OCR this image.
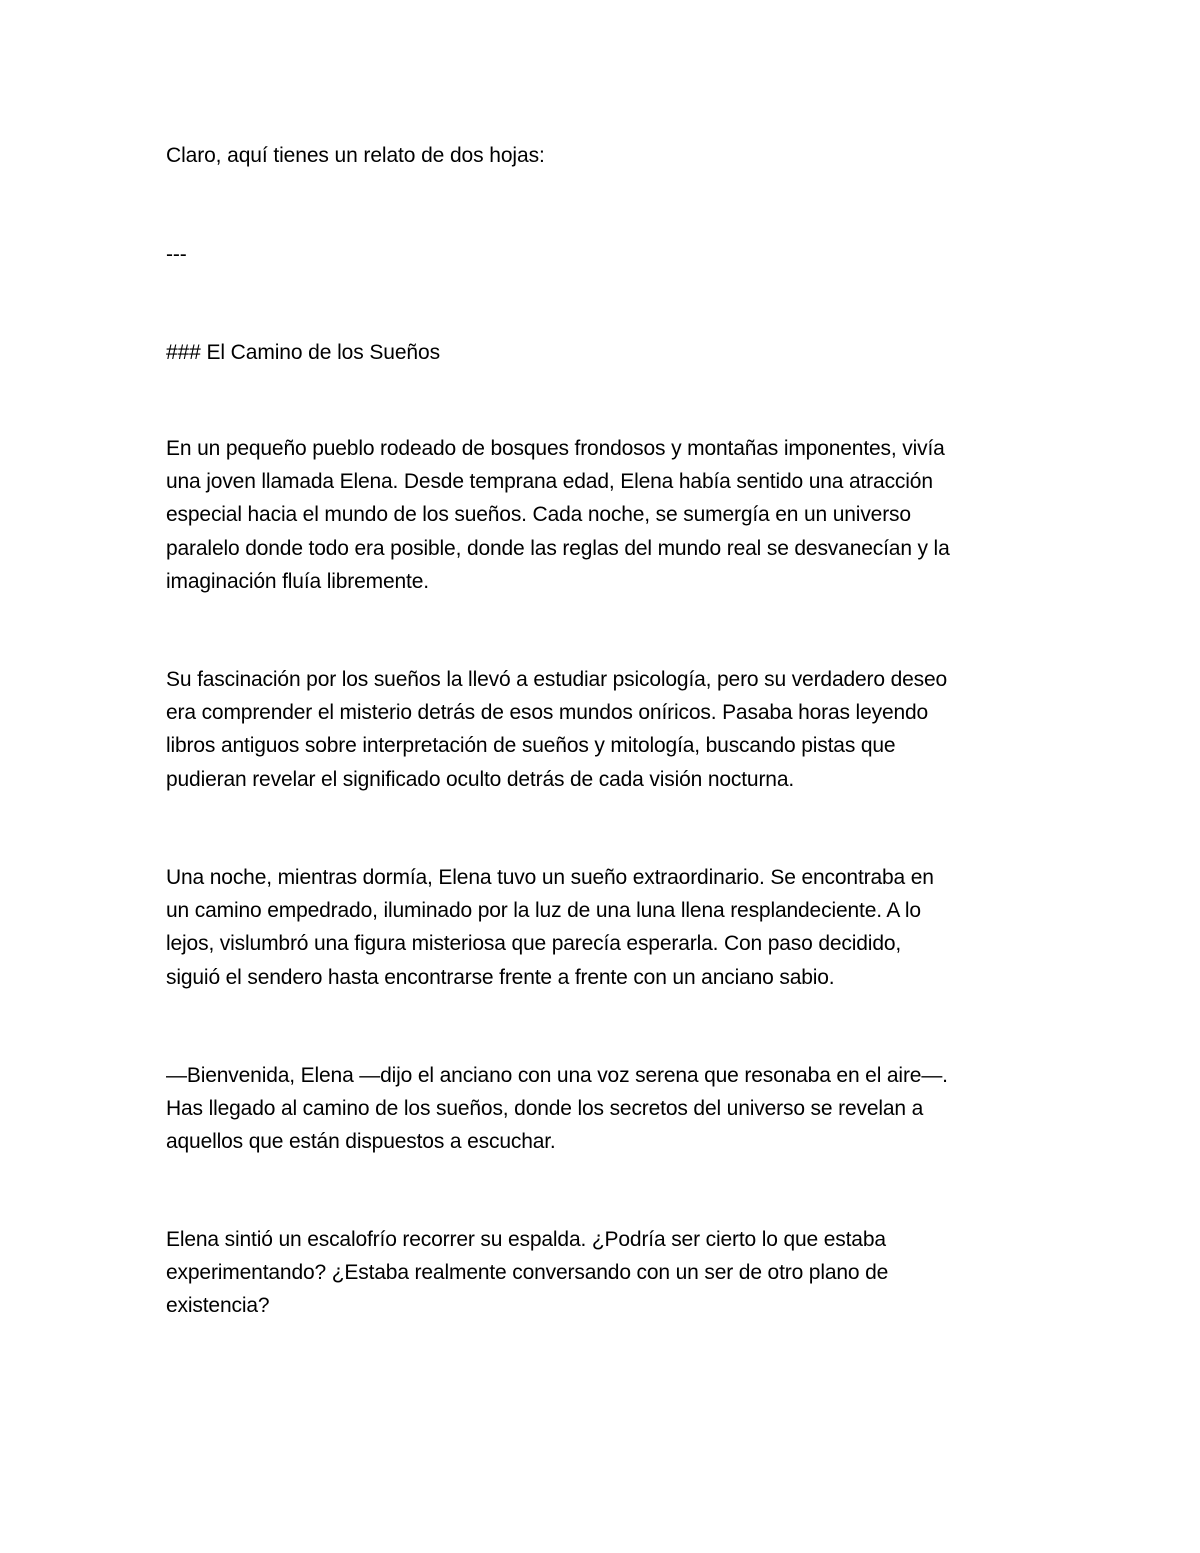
Claro, aquí tienes un relato de dos hojas:
---
### El Camino de los Sueños
En un pequeño pueblo rodeado de bosques frondosos y montañas imponentes, vivía
una joven llamada Elena. Desde temprana edad, Elena había sentido una atracción
especial hacia el mundo de los sueños. Cada noche, se sumergía en un universo
paralelo donde todo era posible, donde las reglas del mundo real se desvanecían y la
imaginación fluía libremente.
Su fascinación por los sueños la llevó a estudiar psicología, pero su verdadero deseo
era comprender el misterio detrás de esos mundos oníricos. Pasaba horas leyendo
libros antiguos sobre interpretación de sueños y mitología, buscando pistas que
pudieran revelar el significado oculto detrás de cada visión nocturna.
Una noche, mientras dormía, Elena tuvo un sueño extraordinario. Se encontraba en
un camino empedrado, iluminado por la luz de una luna llena resplandeciente. A lo
lejos, vislumbró una figura misteriosa que parecía esperarla. Con paso decidido,
siguió el sendero hasta encontrarse frente a frente con un anciano sabio.
—Bienvenida, Elena —dijo el anciano con una voz serena que resonaba en el aire—.
Has llegado al camino de los sueños, donde los secretos del universo se revelan a
aquellos que están dispuestos a escuchar.
Elena sintió un escalofrío recorrer su espalda. ¿Podría ser cierto lo que estaba
experimentando? ¿Estaba realmente conversando con un ser de otro plano de
existencia?
